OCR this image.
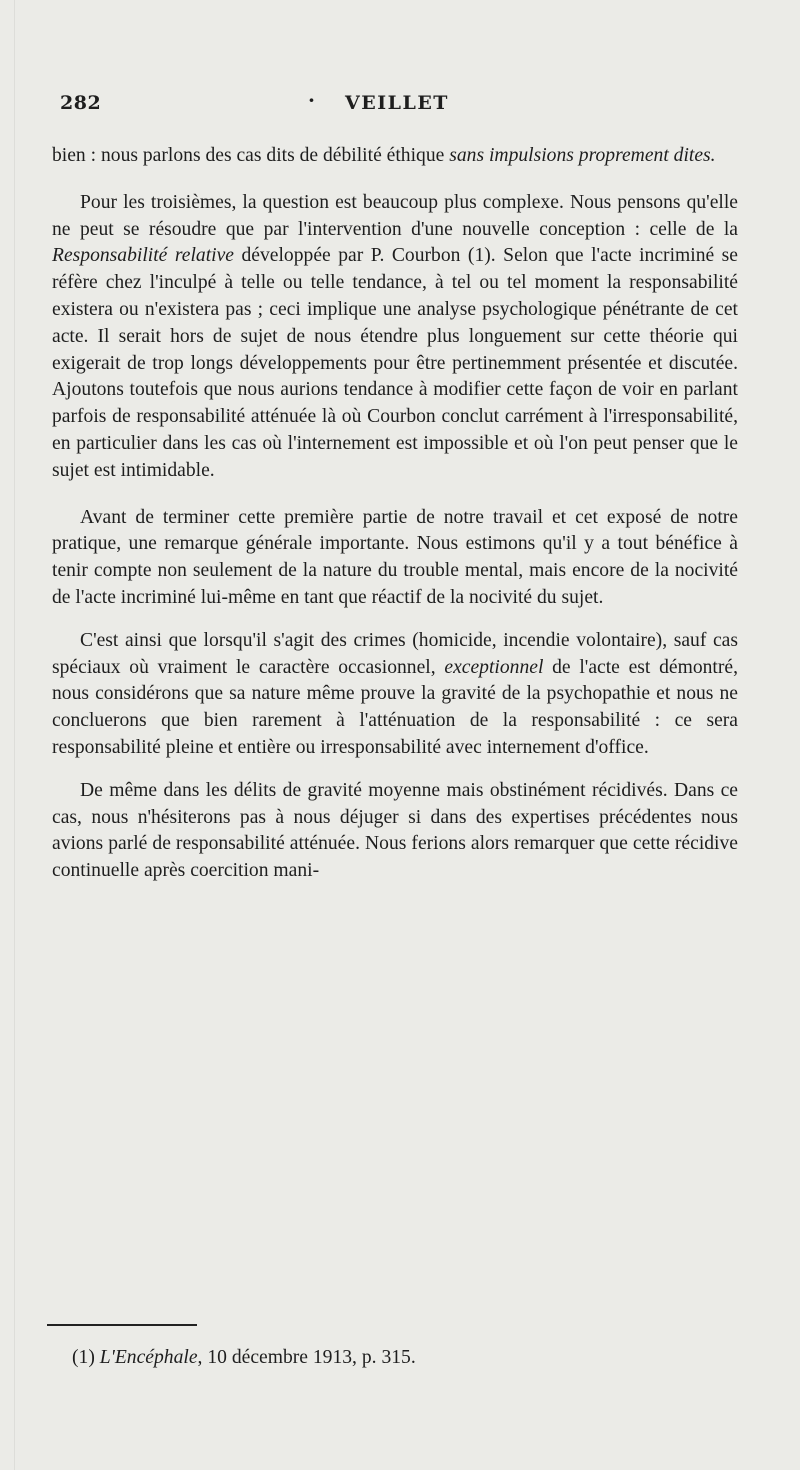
282	· VEILLET

bien : nous parlons des cas dits de débilité éthique sans impulsions proprement dites.

Pour les troisièmes, la question est beaucoup plus complexe. Nous pensons qu'elle ne peut se résoudre que par l'intervention d'une nouvelle conception : celle de la Responsabilité relative développée par P. Courbon (1). Selon que l'acte incriminé se réfère chez l'inculpé à telle ou telle tendance, à tel ou tel moment la responsabilité existera ou n'existera pas ; ceci implique une analyse psychologique pénétrante de cet acte. Il serait hors de sujet de nous étendre plus longuement sur cette théorie qui exigerait de trop longs développements pour être pertinemment présentée et discutée. Ajoutons toutefois que nous aurions tendance à modifier cette façon de voir en parlant parfois de responsabilité atténuée là où Courbon conclut carrément à l'irresponsabilité, en particulier dans les cas où l'internement est impossible et où l'on peut penser que le sujet est intimidable.

Avant de terminer cette première partie de notre travail et cet exposé de notre pratique, une remarque générale importante. Nous estimons qu'il y a tout bénéfice à tenir compte non seulement de la nature du trouble mental, mais encore de la nocivité de l'acte incriminé lui-même en tant que réactif de la nocivité du sujet.

C'est ainsi que lorsqu'il s'agit des crimes (homicide, incendie volontaire), sauf cas spéciaux où vraiment le caractère occasionnel, exceptionnel de l'acte est démontré, nous considérons que sa nature même prouve la gravité de la psychopathie et nous ne concluerons que bien rarement à l'atténuation de la responsabilité : ce sera responsabilité pleine et entière ou irresponsabilité avec internement d'office.

De même dans les délits de gravité moyenne mais obstinément récidivés. Dans ce cas, nous n'hésiterons pas à nous déjuger si dans des expertises précédentes nous avions parlé de responsabilité atténuée. Nous ferions alors remarquer que cette récidive continuelle après coercition mani-

(1) L'Encéphale, 10 décembre 1913, p. 315.
